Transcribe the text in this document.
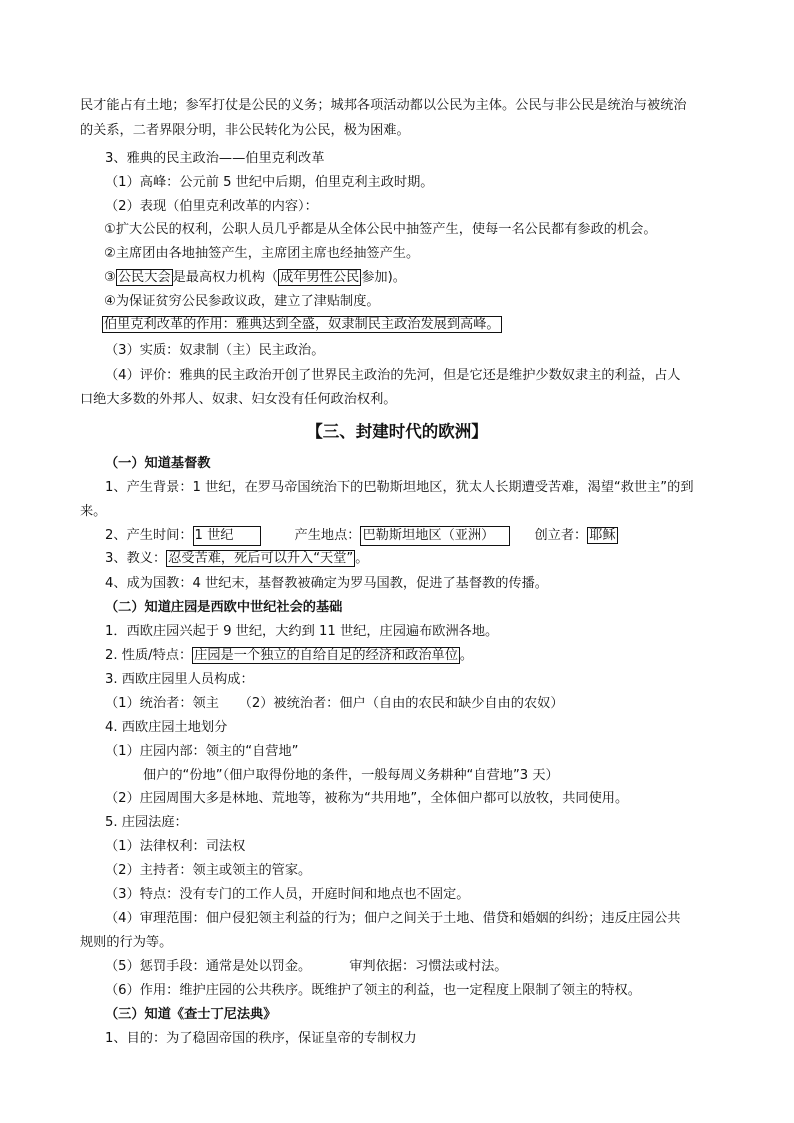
民才能占有土地；参军打仗是公民的义务；城邦各项活动都以公民为主体。公民与非公民是统治与被统治
的关系，二者界限分明，非公民转化为公民，极为困难。
3、雅典的民主政治——伯里克利改革
（1）高峰：公元前 5 世纪中后期，伯里克利主政时期。
（2）表现（伯里克利改革的内容）：
①扩大公民的权利，公职人员几乎都是从全体公民中抽签产生，使每一名公民都有参政的机会。
②主席团由各地抽签产生，主席团主席也经抽签产生。
③ 公民大会 是最高权力机构（ 成年男性公民 参加)。
④为保证贫穷公民参政议政，建立了津贴制度。
伯里克利改革的作用：雅典达到全盛，奴隶制民主政治发展到高峰。
（3）实质：奴隶制（主）民主政治。
（4）评价：雅典的民主政治开创了世界民主政治的先河，但是它还是维护少数奴隶主的利益，占人
口绝大多数的外邦人、奴隶、妇女没有任何政治权利。
【三、封建时代的欧洲】
（一）知道基督教
1、产生背景：1 世纪，在罗马帝国统治下的巴勒斯坦地区，犹太人长期遭受苦难，渴望“救世主”的到
来。
2、产生时间： 1 世纪	产生地点： 巴勒斯坦地区（亚洲）	创立者： 耶稣
3、教义： 忍受苦难，死后可以升入“天堂” 。
4、成为国教：4 世纪末，基督教被确定为罗马国教，促进了基督教的传播。
（二）知道庄园是西欧中世纪社会的基础
1．西欧庄园兴起于 9 世纪，大约到 11 世纪，庄园遍布欧洲各地。
2. 性质/特点： 庄园是一个独立的自给自足的经济和政治单位 。
3. 西欧庄园里人员构成：
（1）统治者：领主　　（2）被统治者：佃户（自由的农民和缺少自由的农奴）
4. 西欧庄园土地划分
（1）庄园内部：领主的“自营地”
佃户的“份地”（佃户取得份地的条件，一般每周义务耕种“自营地”3 天）
（2）庄园周围大多是林地、荒地等，被称为“共用地”，全体佃户都可以放牧，共同使用。
5. 庄园法庭：
（1）法律权利：司法权
（2）主持者：领主或领主的管家。
（3）特点：没有专门的工作人员，开庭时间和地点也不固定。
（4）审理范围：佃户侵犯领主利益的行为；佃户之间关于土地、借贷和婚姻的纠纷；违反庄园公共
规则的行为等。
（5）惩罚手段：通常是处以罚金。	审判依据：习惯法或村法。
（6）作用：维护庄园的公共秩序。既维护了领主的利益，也一定程度上限制了领主的特权。
（三）知道《查士丁尼法典》
1、目的：为了稳固帝国的秩序，保证皇帝的专制权力
